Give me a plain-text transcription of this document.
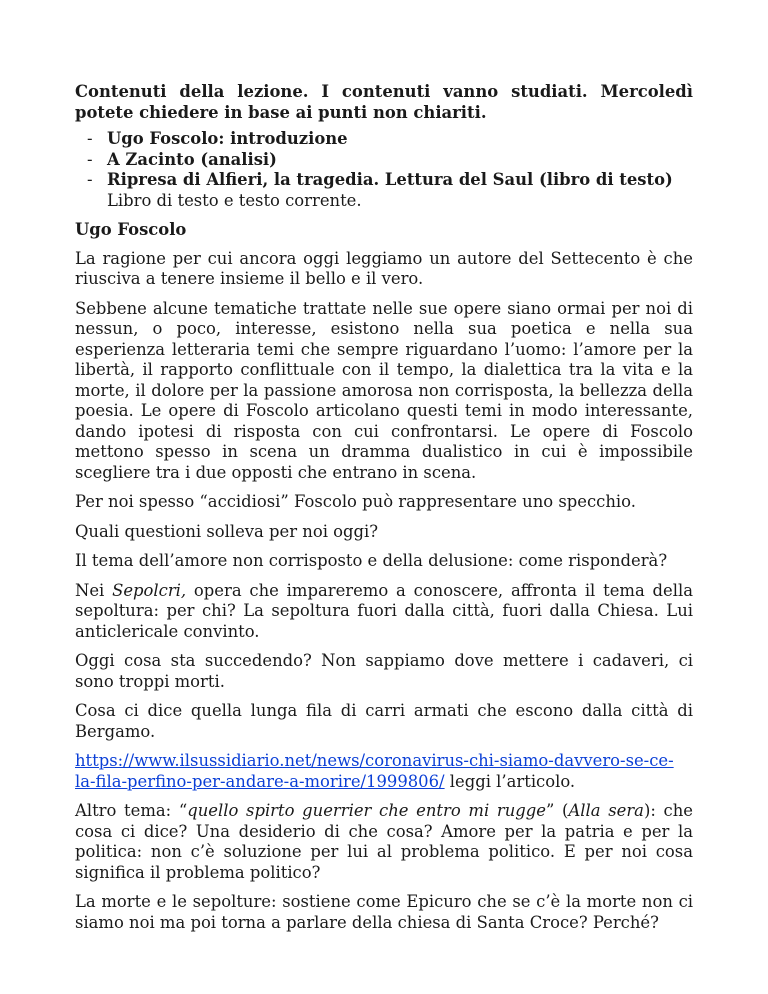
Contenuti della lezione. I contenuti vanno studiati. Mercoledì potete chiedere in base ai punti non chiariti.

- Ugo Foscolo: introduzione
- A Zacinto (analisi)
- Ripresa di Alfieri, la tragedia. Lettura del Saul (libro di testo)

Libro di testo e testo corrente.

Ugo Foscolo

La ragione per cui ancora oggi leggiamo un autore del Settecento è che riusciva a tenere insieme il bello e il vero.

Sebbene alcune tematiche trattate nelle sue opere siano ormai per noi di nessun, o poco, interesse, esistono nella sua poetica e nella sua esperienza letteraria temi che sempre riguardano l’uomo: l’amore per la libertà, il rapporto conflittuale con il tempo, la dialettica tra la vita e la morte, il dolore per la passione amorosa non corrisposta, la bellezza della poesia. Le opere di Foscolo articolano questi temi in modo interessante, dando ipotesi di risposta con cui confrontarsi. Le opere di Foscolo mettono spesso in scena un dramma dualistico in cui è impossibile scegliere tra i due opposti che entrano in scena.

Per noi spesso “accidiosi” Foscolo può rappresentare uno specchio.

Quali questioni solleva per noi oggi?

Il tema dell’amore non corrisposto e della delusione: come risponderà?

Nei Sepolcri, opera che impareremo a conoscere, affronta il tema della sepoltura: per chi? La sepoltura fuori dalla città, fuori dalla Chiesa. Lui anticlericale convinto.

Oggi cosa sta succedendo? Non sappiamo dove mettere i cadaveri, ci sono troppi morti.

Cosa ci dice quella lunga fila di carri armati che escono dalla città di Bergamo.

https://www.ilsussidiario.net/news/coronavirus-chi-siamo-davvero-se-ce-la-fila-perfino-per-andare-a-morire/1999806/ leggi l’articolo.

Altro tema: “quello spirto guerrier che entro mi rugge” (Alla sera): che cosa ci dice? Una desiderio di che cosa? Amore per la patria e per la politica: non c’è soluzione per lui al problema politico. E per noi cosa significa il problema politico?

La morte e le sepolture: sostiene come Epicuro che se c’è la morte non ci siamo noi ma poi torna a parlare della chiesa di Santa Croce? Perché?
